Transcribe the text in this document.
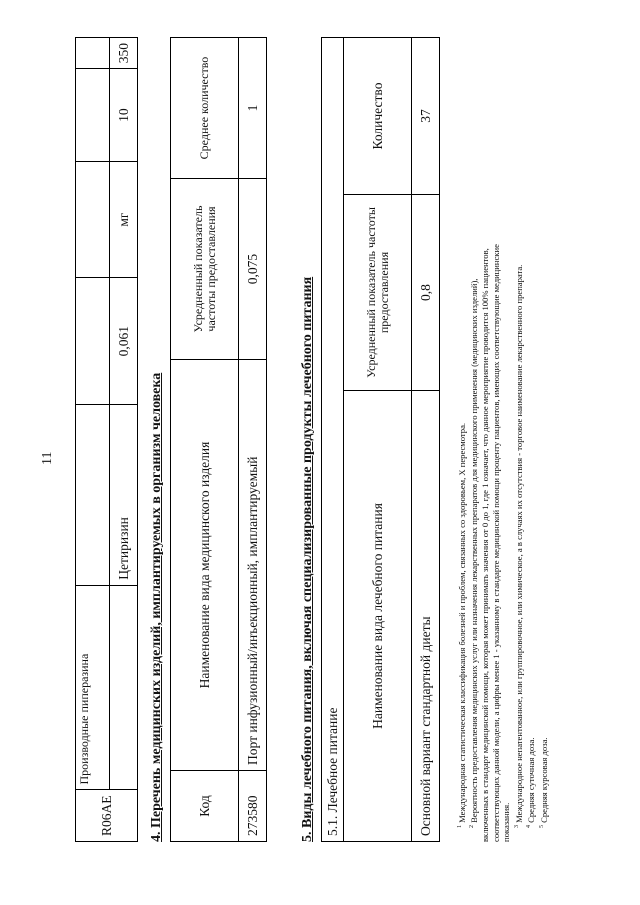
11
R06AE	Производные пиперазина					
		Цетиризин	0,061	мг	10	350
4. Перечень медицинских изделий, имплантируемых в организм человека Код	Наименование вида медицинского изделия	Усредненный показатель частоты предоставления	Среднее количество
273580	Порт инфузионный/инъекционный, имплантируемый	0,075	1
5. Виды лечебного питания, включая специализированные продукты лечебного питания 5.1. Лечебное питание		
Наименование вида лечебного питания	Усредненный показатель частоты предоставления	Количество
Основной вариант стандартной диеты	0,8	37

$^1$ Международная статистическая классификация болезней и проблем, связанных со здоровьем, X пересмотра.

$^2$ Вероятность предоставления медицинских услуг или назначения лекарственных препаратов для медицинского применения (медицинских изделий), включенных в стандарт медицинской помощи, которая может принимать значения от 0 до 1, где 1 означает, что данное мероприятие проводится 100% пациентов, соответствующих данной модели, а цифры менее 1 - указанному в стандарте медицинской помощи проценту пациентов, имеющих соответствующие медицинские показания. $^3$ Международное непатентованное, или группировочное, или химическое, а в случаях их отсутствия - торговое наименование лекарственного препарата.

$^4$ Средняя суточная доза.

$^5$ Средняя курсовая доза.
